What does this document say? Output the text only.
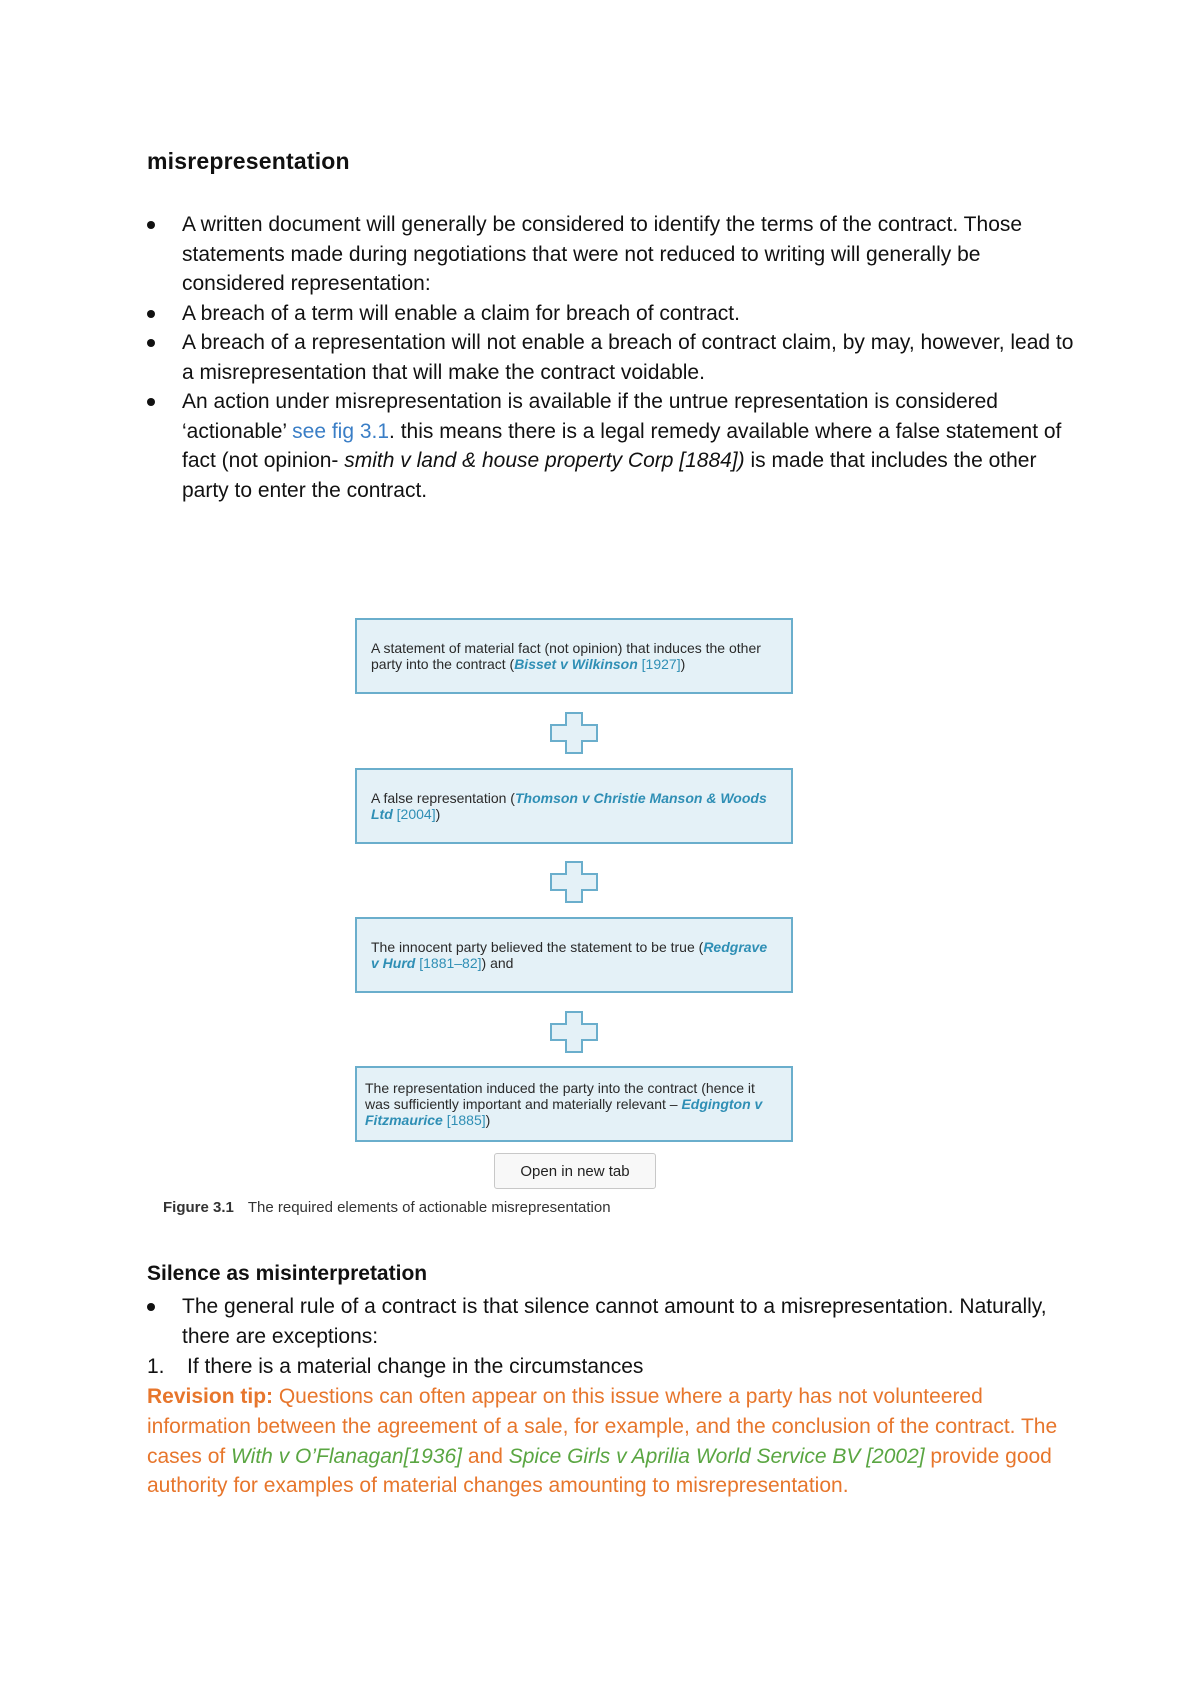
misrepresentation
A written document will generally be considered to identify the terms of the contract. Those statements made during negotiations that were not reduced to writing will generally be considered representation:
A breach of a term will enable a claim for breach of contract.
A breach of a representation will not enable a breach of contract claim, by may, however, lead to a misrepresentation that will make the contract voidable.
An action under misrepresentation is available if the untrue representation is considered ‘actionable’ see fig 3.1. this means there is a legal remedy available where a false statement of fact (not opinion- smith v land & house property Corp [1884]) is made that includes the other party to enter the contract.
A statement of material fact (not opinion) that induces the other party into the contract (Bisset v Wilkinson [1927])
A false representation (Thomson v Christie Manson & Woods Ltd [2004])
The innocent party believed the statement to be true (Redgrave v Hurd [1881–82]) and
The representation induced the party into the contract (hence it was sufficiently important and materially relevant – Edgington v Fitzmaurice [1885])
Open in new tab
Figure 3.1 The required elements of actionable misrepresentation
Silence as misinterpretation
The general rule of a contract is that silence cannot amount to a misrepresentation. Naturally, there are exceptions:

1. If there is a material change in the circumstances

Revision tip: Questions can often appear on this issue where a party has not volunteered information between the agreement of a sale, for example, and the conclusion of the contract. The cases of With v O’Flanagan[1936] and Spice Girls v Aprilia World Service BV [2002] provide good authority for examples of material changes amounting to misrepresentation.
